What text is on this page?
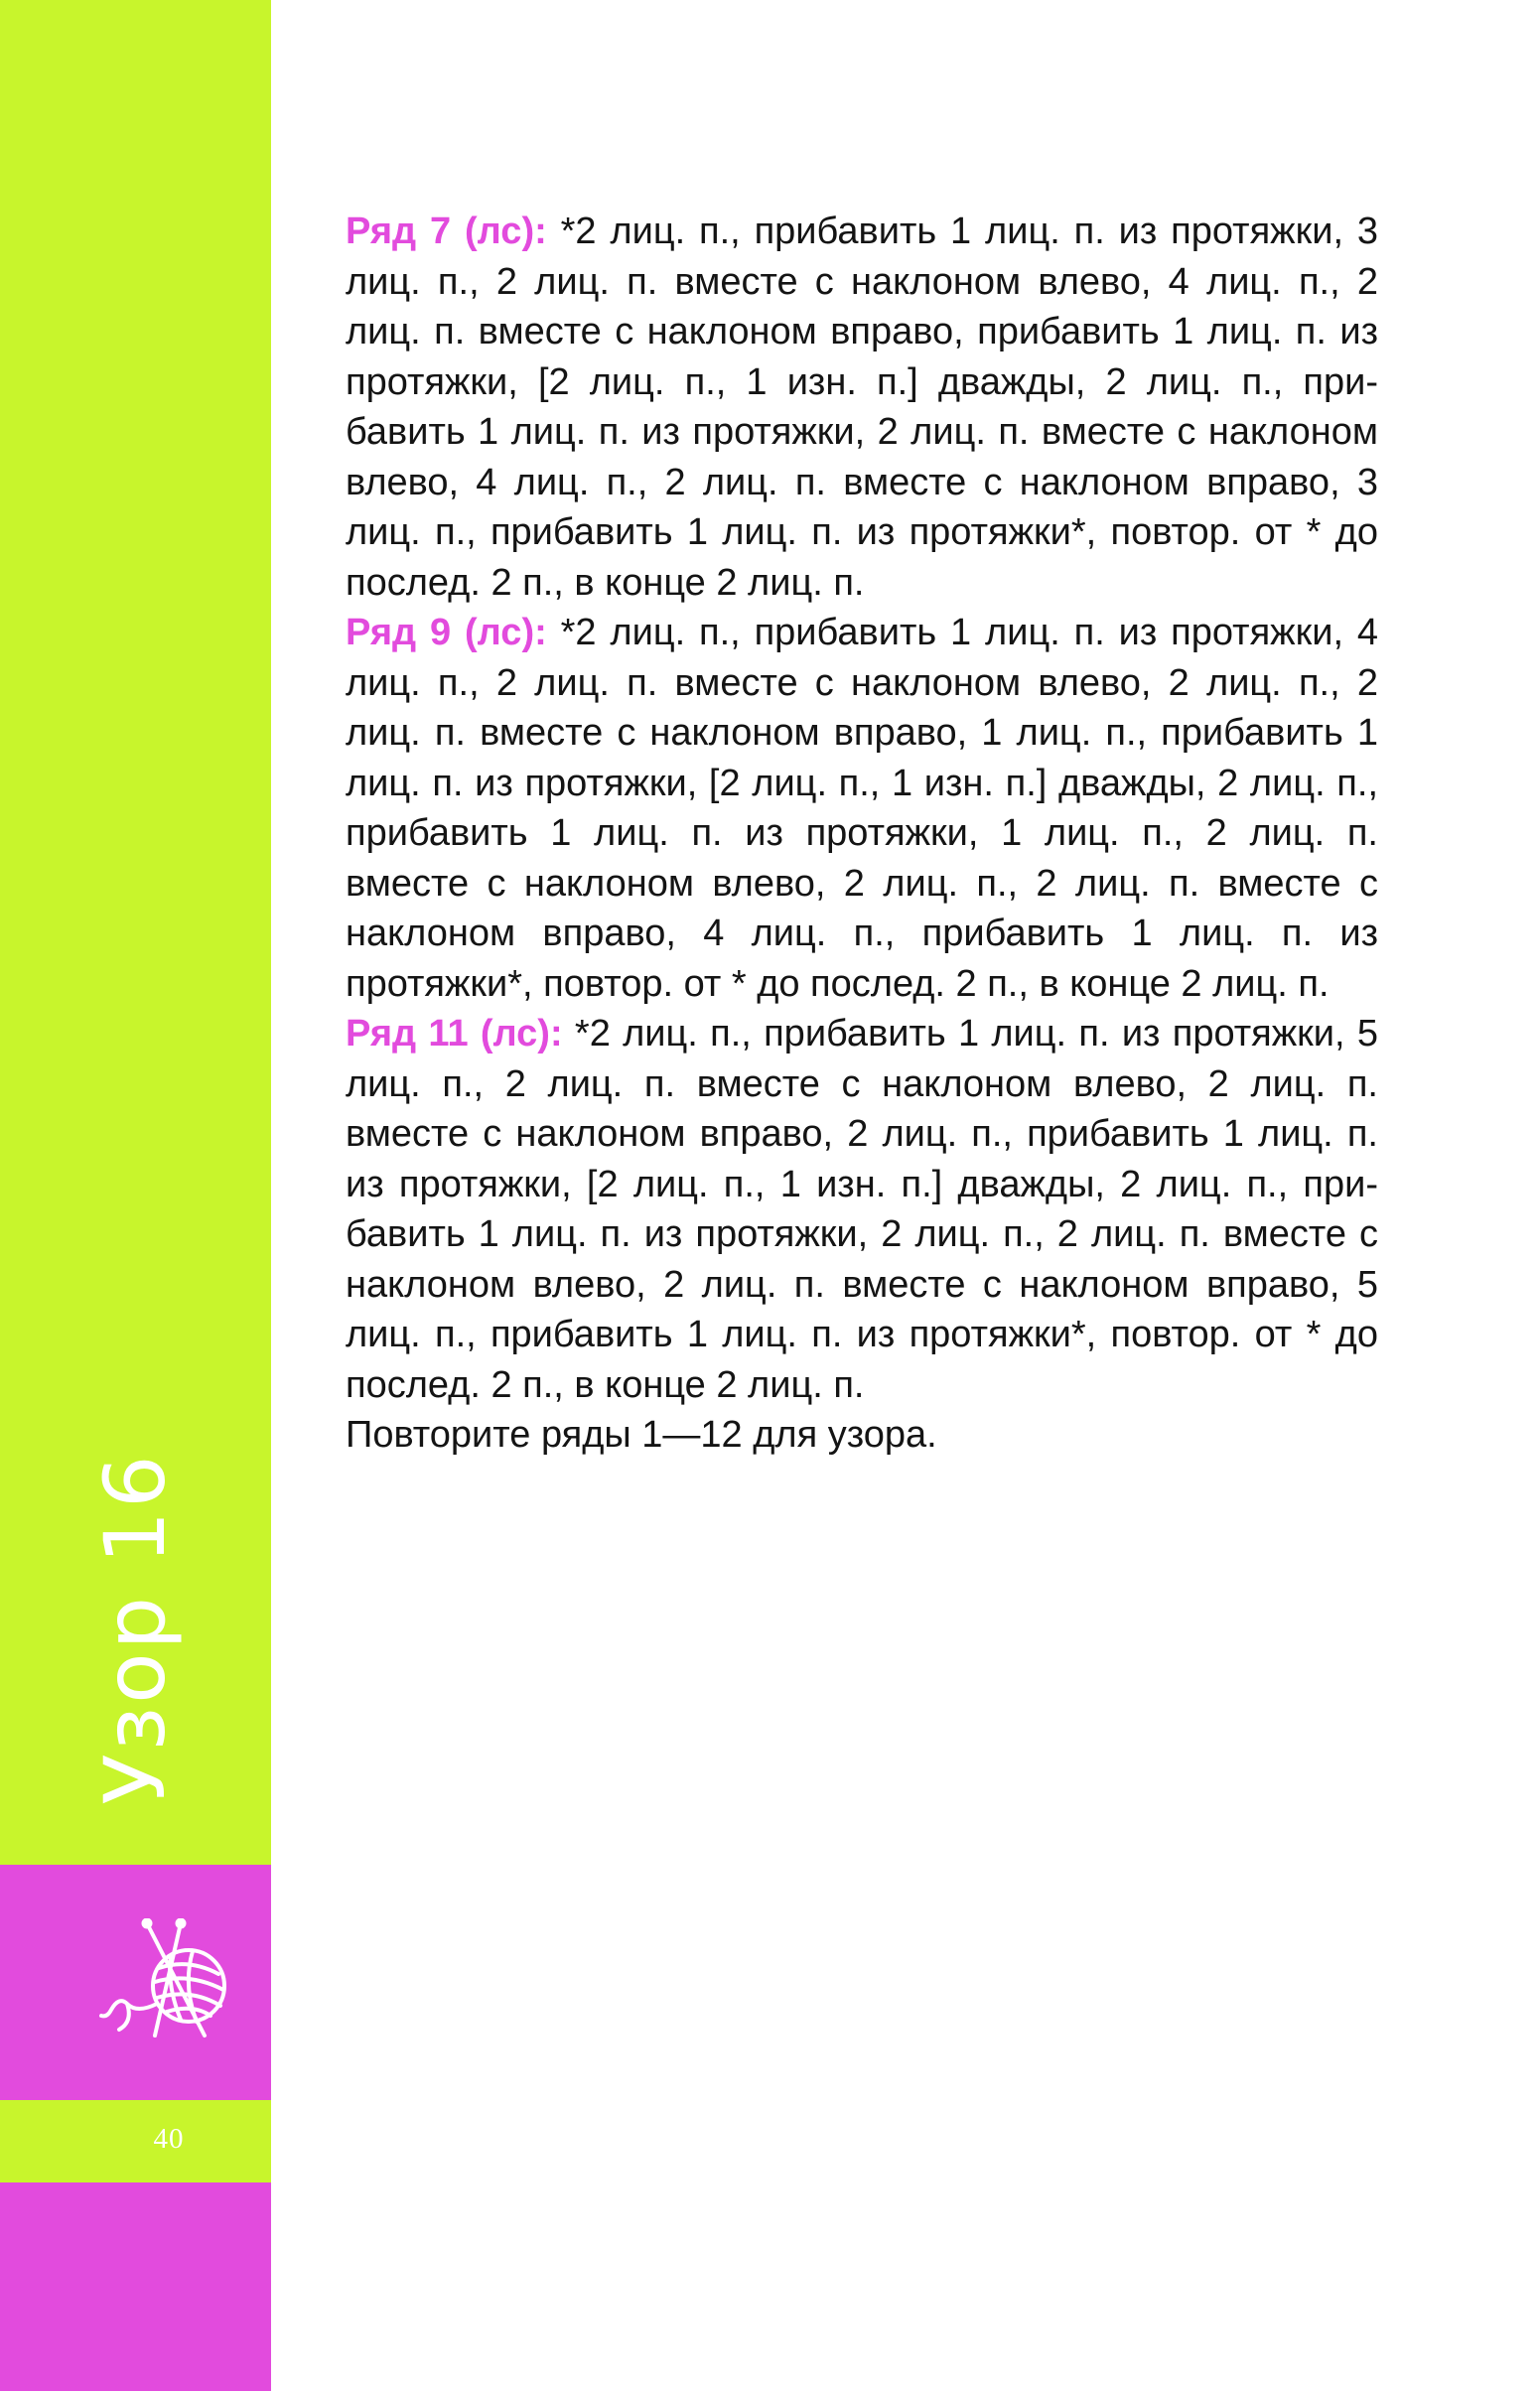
Узор 16
40

Ряд 7 (лс): *2 лиц. п., прибавить 1 лиц. п. из протяжки, 3 лиц. п., 2 лиц. п. вместе с наклоном влево, 4 лиц. п., 2 лиц. п. вместе с наклоном вправо, прибавить 1 лиц. п. из протяжки, [2 лиц. п., 1 изн. п.] дважды, 2 лиц. п., прибавить 1 лиц. п. из протяжки, 2 лиц. п. вместе с наклоном влево, 4 лиц. п., 2 лиц. п. вместе с наклоном вправо, 3 лиц. п., прибавить 1 лиц. п. из протяжки*, повтор. от * до послед. 2 п., в конце 2 лиц. п.

Ряд 9 (лс): *2 лиц. п., прибавить 1 лиц. п. из протяжки, 4 лиц. п., 2 лиц. п. вместе с наклоном влево, 2 лиц. п., 2 лиц. п. вместе с наклоном вправо, 1 лиц. п., прибавить 1 лиц. п. из протяжки, [2 лиц. п., 1 изн. п.] дважды, 2 лиц. п., прибавить 1 лиц. п. из протяжки, 1 лиц. п., 2 лиц. п. вместе с наклоном влево, 2 лиц. п., 2 лиц. п. вместе с наклоном вправо, 4 лиц. п., прибавить 1 лиц. п. из протяжки*, повтор. от * до послед. 2 п., в конце 2 лиц. п.

Ряд 11 (лс): *2 лиц. п., прибавить 1 лиц. п. из протяжки, 5 лиц. п., 2 лиц. п. вместе с наклоном влево, 2 лиц. п. вместе с наклоном вправо, 2 лиц. п., прибавить 1 лиц. п. из протяжки, [2 лиц. п., 1 изн. п.] дважды, 2 лиц. п., прибавить 1 лиц. п. из протяжки, 2 лиц. п., 2 лиц. п. вместе с наклоном влево, 2 лиц. п. вместе с наклоном вправо, 5 лиц. п., прибавить 1 лиц. п. из протяжки*, повтор. от * до послед. 2 п., в конце 2 лиц. п.

Повторите ряды 1—12 для узора.
